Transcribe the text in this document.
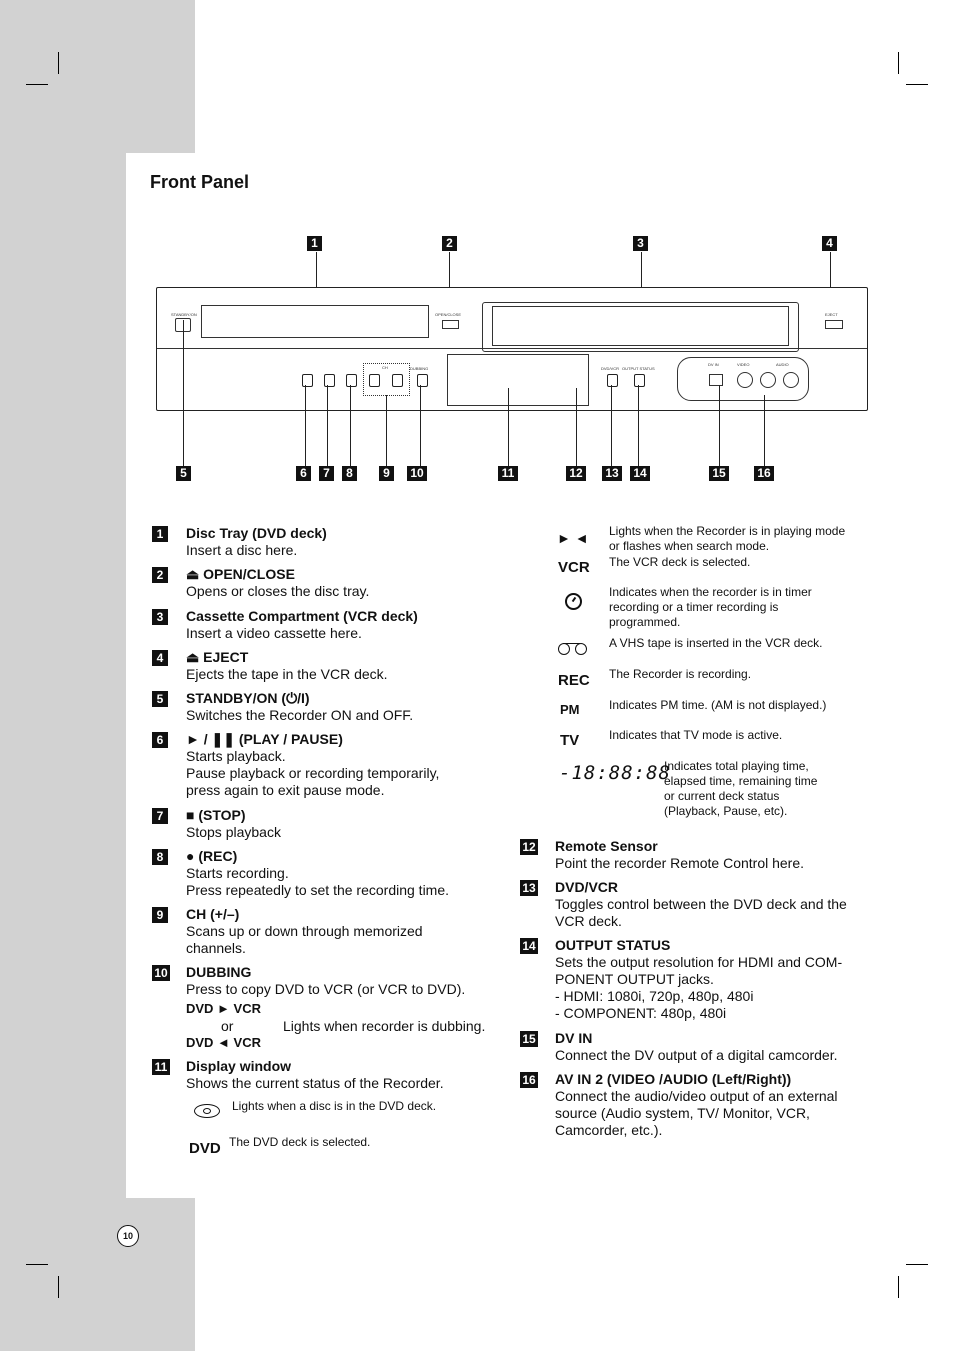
Front Panel
1	2	3	4
STANDBY/ON	OPEN/CLOSE	EJECT
CH	DUBBING	DVD/VCR OUTPUT STATUS
DV IN	VIDEO	AUDIO
5	6	7	8	9	10	11	12 13 14	15	16
1	Disc Tray (DVD deck)
Insert a disc here.
2	⏏ OPEN/CLOSE
Opens or closes the disc tray.
3	Cassette Compartment (VCR deck)
Insert a video cassette here.
4	⏏ EJECT
Ejects the tape in the VCR deck.
5	STANDBY/ON (⏻/I)
Switches the Recorder ON and OFF.
6	► / ❚❚ (PLAY / PAUSE)
Starts playback.
Pause playback or recording temporarily,
press again to exit pause mode.
7	■ (STOP)
Stops playback
8	● (REC)
Starts recording.
Press repeatedly to set the recording time.
9	CH (+/–)
Scans up or down through memorized
channels.
10 DUBBING
Press to copy DVD to VCR (or VCR to DVD).
DVD ► VCR
or	Lights when recorder is dubbing.
DVD ◄ VCR
11 Display window
Shows the current status of the Recorder.
Lights when a disc is in the DVD deck.
DVD The DVD deck is selected.
► ◄ Lights when the Recorder is in playing mode
or flashes when search mode.
VCR The VCR deck is selected.
Indicates when the recorder is in timer
recording or a timer recording is
programmed.
A VHS tape is inserted in the VCR deck.
REC The Recorder is recording.
PM Indicates PM time. (AM is not displayed.)
TV Indicates that TV mode is active.
-18:88:88
Indicates total playing time,
elapsed time, remaining time
or current deck status
(Playback, Pause, etc).
12 Remote Sensor
Point the recorder Remote Control here.
13 DVD/VCR
Toggles control between the DVD deck and the
VCR deck.
14 OUTPUT STATUS
Sets the output resolution for HDMI and COM-
PONENT OUTPUT jacks.
- HDMI: 1080i, 720p, 480p, 480i
- COMPONENT: 480p, 480i
15 DV IN
Connect the DV output of a digital camcorder.
16 AV IN 2 (VIDEO /AUDIO (Left/Right))
Connect the audio/video output of an external
source (Audio system, TV/ Monitor, VCR,
Camcorder, etc.).
10
